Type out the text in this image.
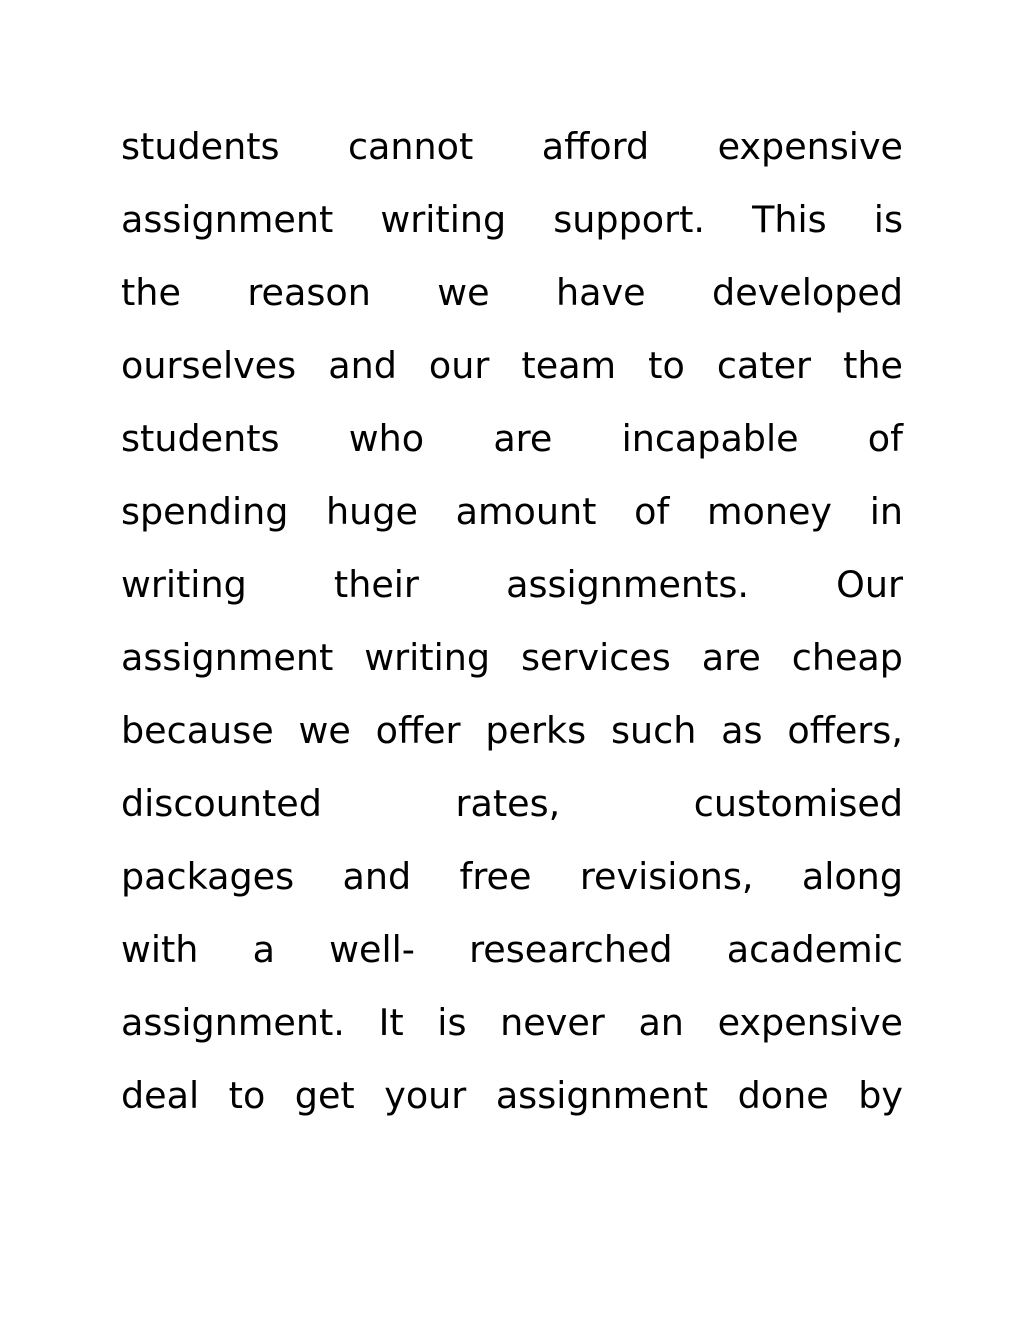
students cannot afford expensive
assignment writing support. This is
the reason we have developed
ourselves and our team to cater the
students who are incapable of
spending huge amount of money in
writing their assignments. Our
assignment writing services are cheap
because we offer perks such as offers,
discounted	rates,	customised
packages and free revisions, along
with a well- researched academic
assignment. It is never an expensive
deal to get your assignment done by
